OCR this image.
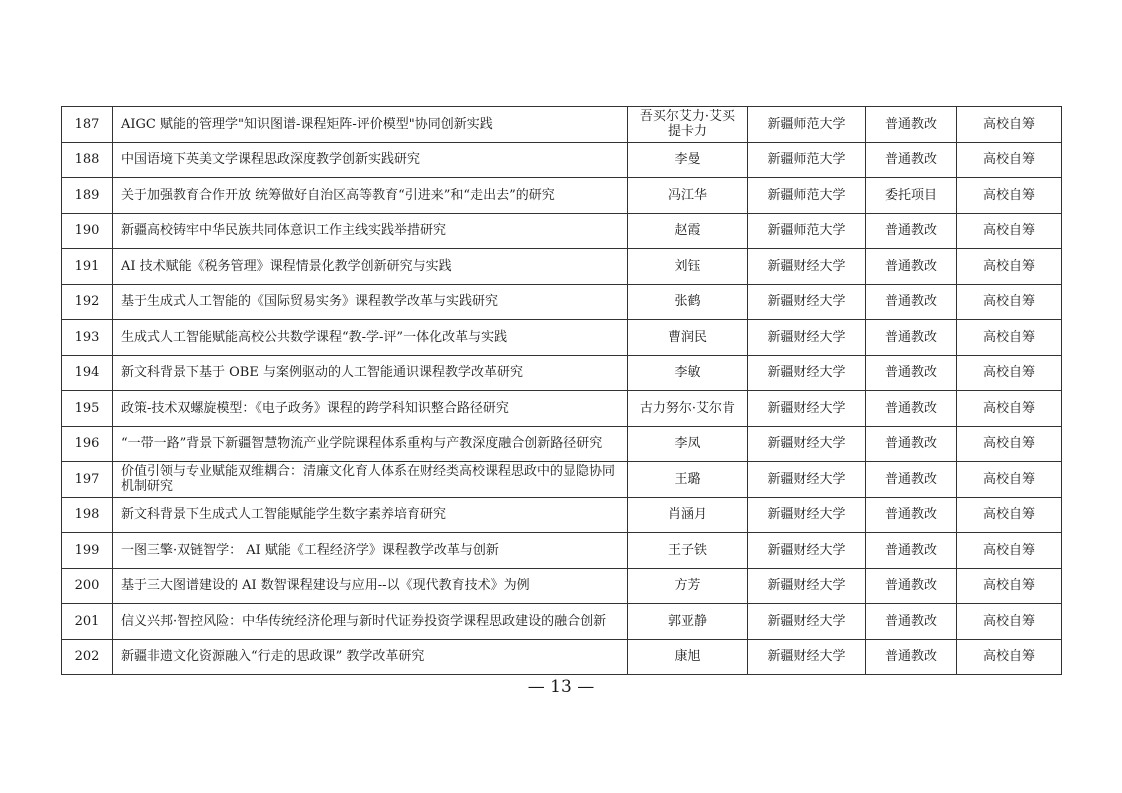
187	AIGC 赋能的管理学"知识图谱-课程矩阵-评价模型"协同创新实践	吾买尔艾力·艾买提卡力	新疆师范大学	普通教改	高校自筹
188	中国语境下英美文学课程思政深度教学创新实践研究	李曼	新疆师范大学	普通教改	高校自筹
189	关于加强教育合作开放 统筹做好自治区高等教育“引进来”和“走出去”的研究	冯江华	新疆师范大学	委托项目	高校自筹
190	新疆高校铸牢中华民族共同体意识工作主线实践举措研究	赵霞	新疆师范大学	普通教改	高校自筹
191	AI 技术赋能《税务管理》课程情景化教学创新研究与实践	刘钰	新疆财经大学	普通教改	高校自筹
192	基于生成式人工智能的《国际贸易实务》课程教学改革与实践研究	张鹤	新疆财经大学	普通教改	高校自筹
193	生成式人工智能赋能高校公共数学课程“教-学-评”一体化改革与实践	曹润民	新疆财经大学	普通教改	高校自筹
194	新文科背景下基于 OBE 与案例驱动的人工智能通识课程教学改革研究	李敏	新疆财经大学	普通教改	高校自筹
195	政策-技术双螺旋模型：《电子政务》课程的跨学科知识整合路径研究	古力努尔·艾尔肯	新疆财经大学	普通教改	高校自筹
196	“一带一路”背景下新疆智慧物流产业学院课程体系重构与产教深度融合创新路径研究	李凤	新疆财经大学	普通教改	高校自筹
197	价值引领与专业赋能双维耦合：清廉文化育人体系在财经类高校课程思政中的显隐协同机制研究	王璐	新疆财经大学	普通教改	高校自筹
198	新文科背景下生成式人工智能赋能学生数字素养培育研究	肖涵月	新疆财经大学	普通教改	高校自筹
199	一图三擎·双链智学： AI 赋能《工程经济学》课程教学改革与创新	王子铁	新疆财经大学	普通教改	高校自筹
200	基于三大图谱建设的 AI 数智课程建设与应用--以《现代教育技术》为例	方芳	新疆财经大学	普通教改	高校自筹
201	信义兴邦·智控风险：中华传统经济伦理与新时代证券投资学课程思政建设的融合创新	郭亚静	新疆财经大学	普通教改	高校自筹
202	新疆非遗文化资源融入“行走的思政课” 教学改革研究	康旭	新疆财经大学	普通教改	高校自筹
— 13 —
